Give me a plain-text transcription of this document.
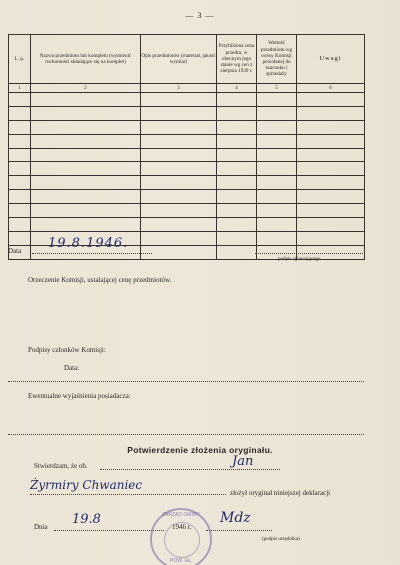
— 3 —
L. p.	Nazwa przedmiotu lub kompletu (wymienić ruchomości składające się na komplet)	Opis przedmiotów (materiał, jakość wymiar)	Przybliżona cena przedm. w obecnym jego stanie wg cen z sierpnia 1939 r.	Wartość przedmiotu wg oceny Komisji powołanej do szacunku i sprzedaży	Uwagi
1	2	3	4	5	6

Data 19.8.1946.
podpis zgłaszającego
Orzeczenie Komisji, ustalającej cenę przedmiotów.
Podpisy członków Komisji:
Data:
Ewentualne wyjaśnienia posiadacza:
Potwierdzenie złożenia oryginału.
Stwierdzam, że ob.	Jan
Żyrmiry Chwaniec
złożył oryginał niniejszej deklaracji
Dnia 19.8	1946 r.
Mdz
(podpis urzędnika)
ZARZĄD GMINY
POW. GŁ.
